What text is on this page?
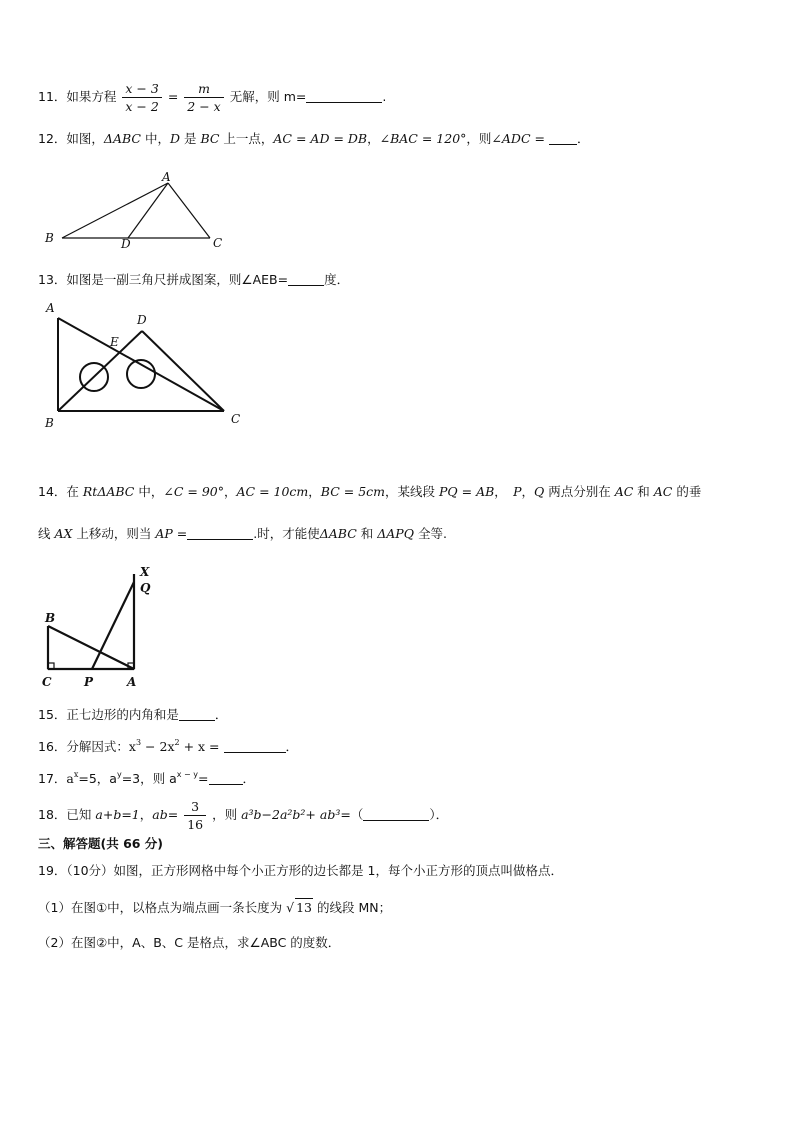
11．如果方程 $\frac{x - 3}{x - 2} = \frac{m}{2 - x}$ 无解，则 m=	.
12．如图，ΔABC 中，D 是 BC 上一点，AC = AD = DB，∠BAC = 120°，则∠ADC =	．
A
B	D	C
13．如图是一副三角尺拼成图案，则∠AEB=	度．
A
D
E
B	C
14．在 RtΔABC 中，∠C = 90°，AC = 10cm，BC = 5cm，某线段 PQ = AB，　P，Q 两点分别在 AC 和 AC 的垂
线 AX 上移动，则当 AP =	.时，才能使ΔABC 和 ΔAPQ 全等.
X
Q
B
C	P	A
15．正七边形的内角和是	．
16．分解因式：$x^3 - 2x^2 + x$ =	．
17．$a^x=5$，$a^y=3$，则 $a^{x - y}=$	．
18．已知 a+b=1，$ab= \frac{3}{16}$ ，则 a³b−2a²b²+ ab³=（	）．
三、解答题(共 66 分)
19．（10分）如图，正方形网格中每个小正方形的边长都是 1，每个小正方形的顶点叫做格点．
（1）在图①中，以格点为端点画一条长度为 √ 13 的线段 MN；
（2）在图②中，A、B、C 是格点，求∠ABC 的度数．
